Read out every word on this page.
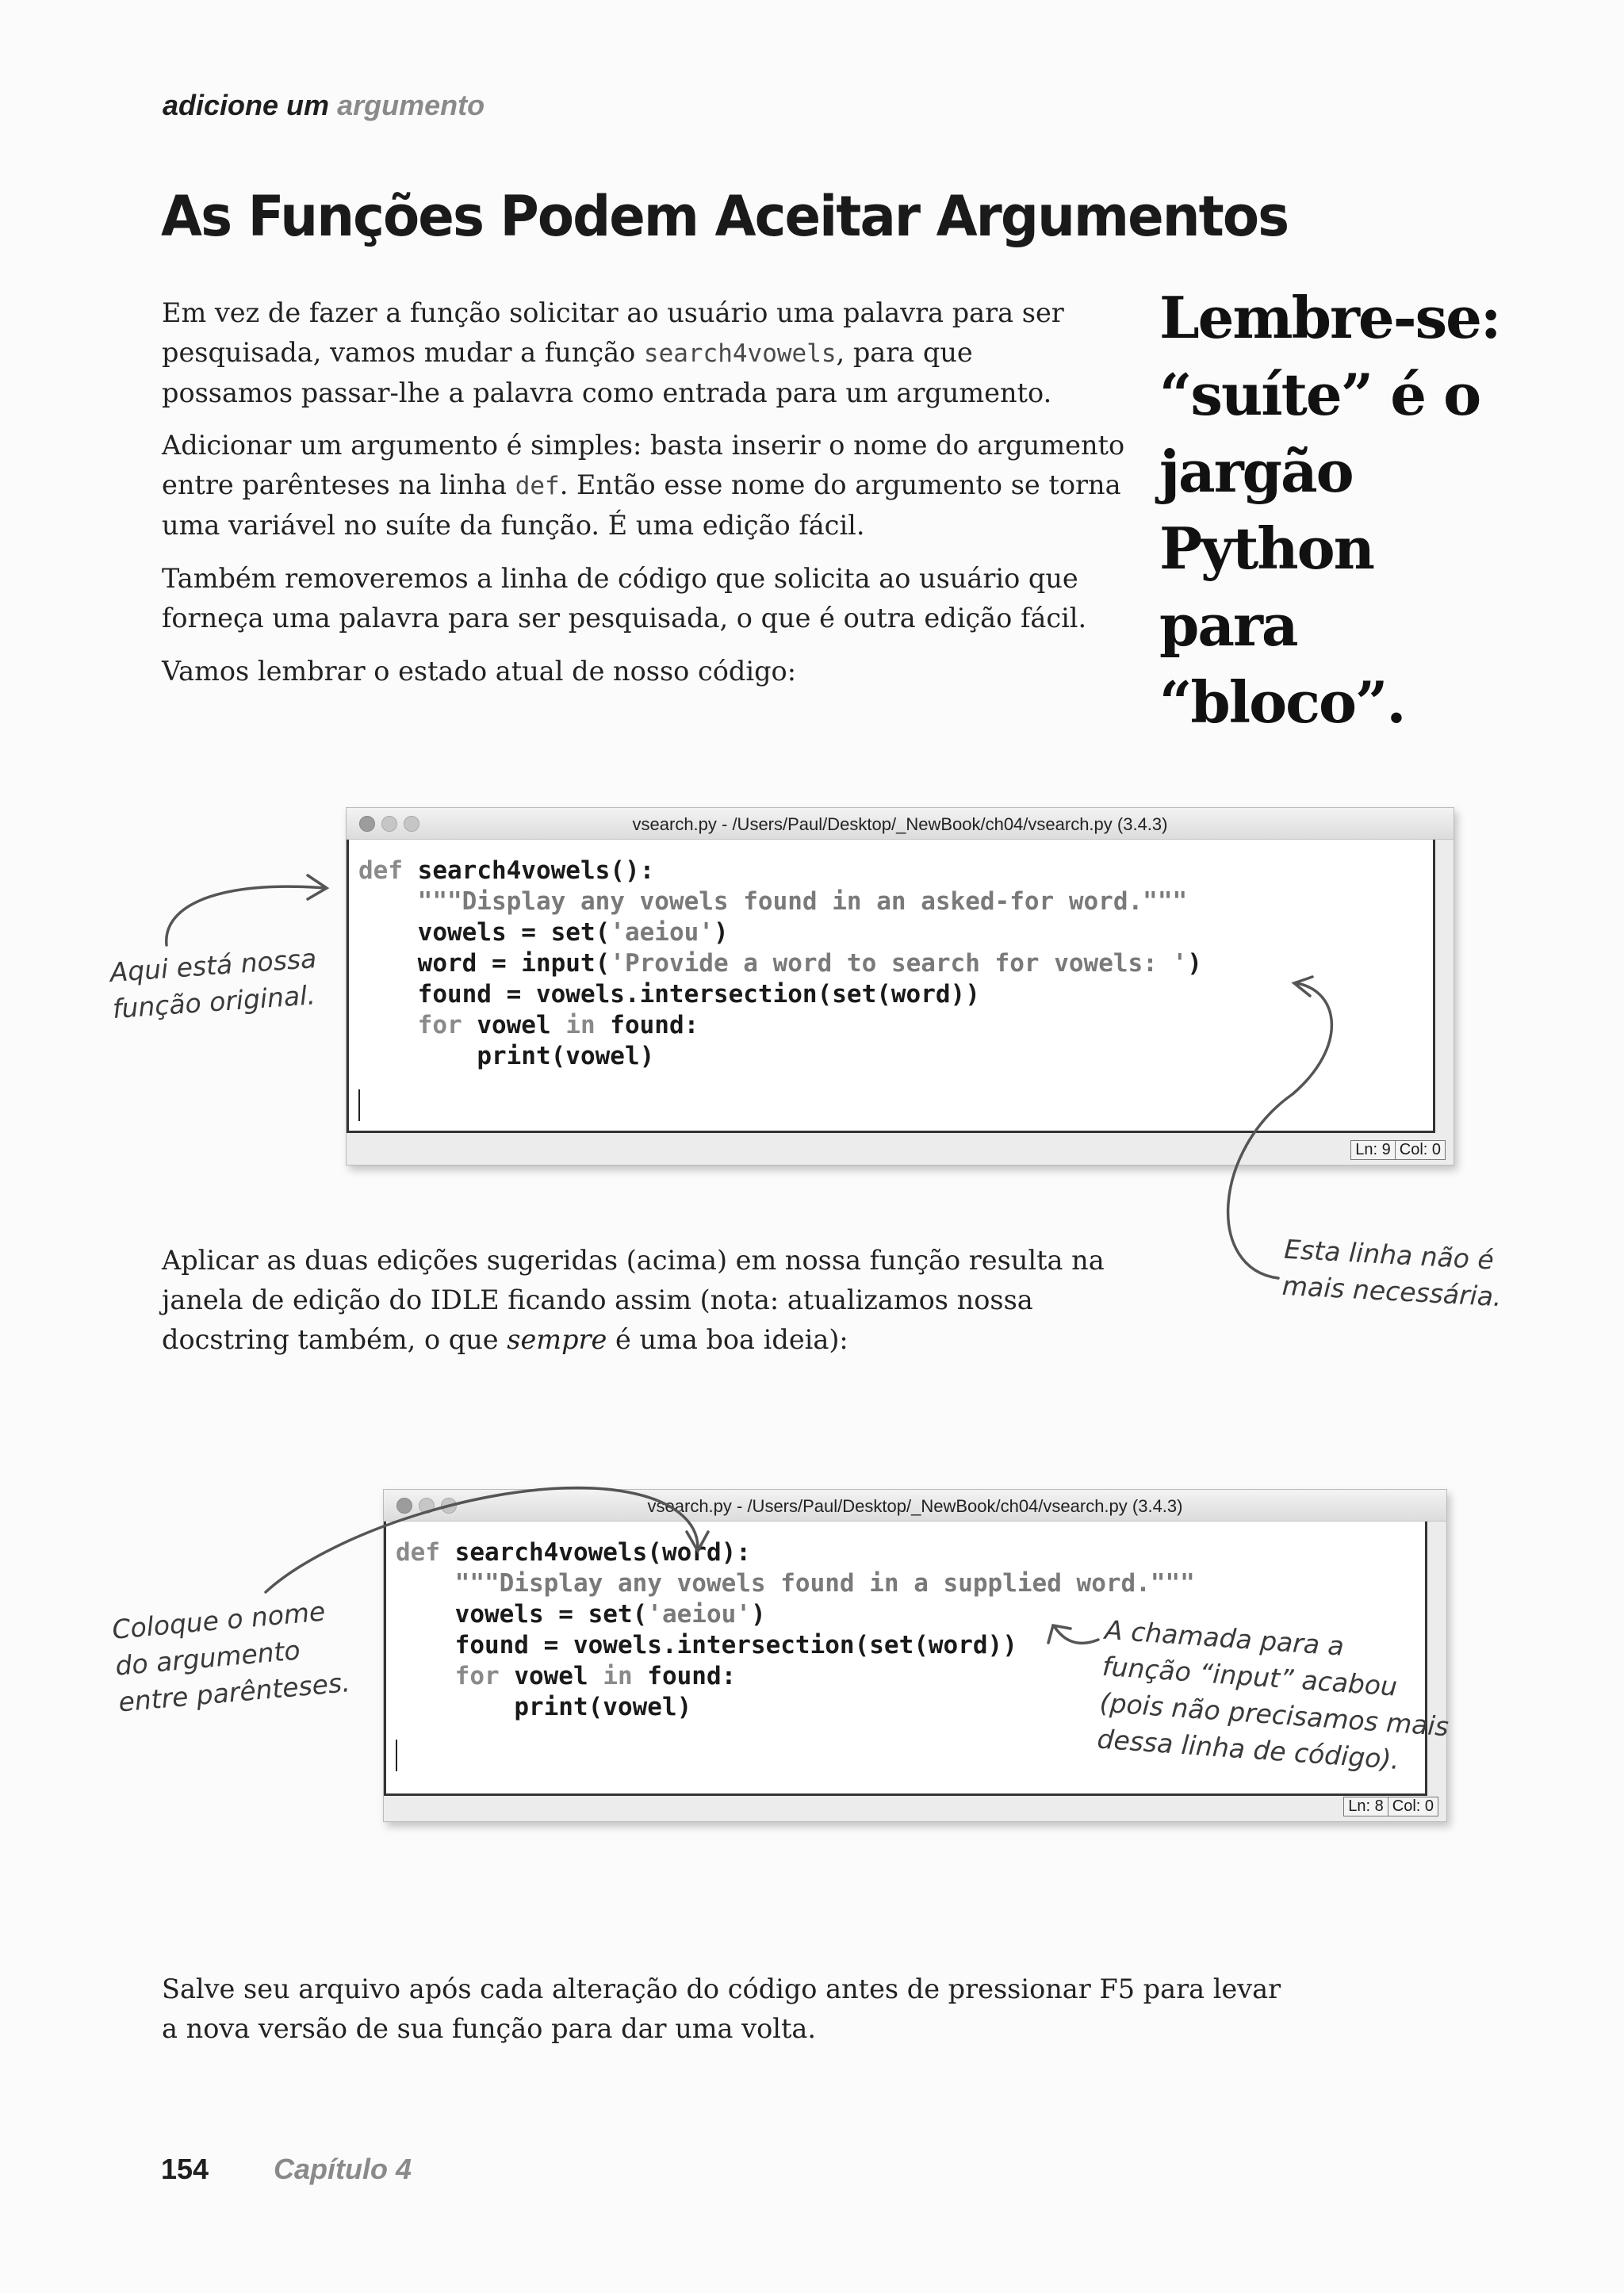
adicione um argumento
As Funções Podem Aceitar Argumentos

Em vez de fazer a função solicitar ao usuário uma palavra para ser pesquisada, vamos mudar a função search4vowels, para que possamos passar-lhe a palavra como entrada para um argumento.

Adicionar um argumento é simples: basta inserir o nome do argumento entre parênteses na linha def. Então esse nome do argumento se torna uma variável no suíte da função. É uma edição fácil.

Também removeremos a linha de código que solicita ao usuário que forneça uma palavra para ser pesquisada, o que é outra edição fácil.

Vamos lembrar o estado atual de nosso código:

Lembre-se: “suíte” é o jargão Python para “bloco”.
vsearch.py - /Users/Paul/Desktop/_NewBook/ch04/vsearch.py (3.4.3)
def search4vowels():
"""Display any vowels found in an asked-for word."""
vowels = set('aeiou')
word = input('Provide a word to search for vowels: ')
found = vowels.intersection(set(word))
for vowel in found:
print(vowel)
Ln: 9 Col: 0
vsearch.py - /Users/Paul/Desktop/_NewBook/ch04/vsearch.py (3.4.3)
def search4vowels(word):
"""Display any vowels found in a supplied word."""
vowels = set('aeiou')
found = vowels.intersection(set(word))
for vowel in found:
print(vowel)
Ln: 8 Col: 0

Aplicar as duas edições sugeridas (acima) em nossa função resulta na janela de edição do IDLE ficando assim (nota: atualizamos nossa docstring também, o que sempre é uma boa ideia):

Aqui está nossa
função original.
Esta linha não é
mais necessária.
Coloque o nome
do argumento
entre parênteses.
A chamada para a
função “input” acabou
(pois não precisamos mais
dessa linha de código).

Salve seu arquivo após cada alteração do código antes de pressionar F5 para levar a nova versão de sua função para dar uma volta.

154 Capítulo 4
